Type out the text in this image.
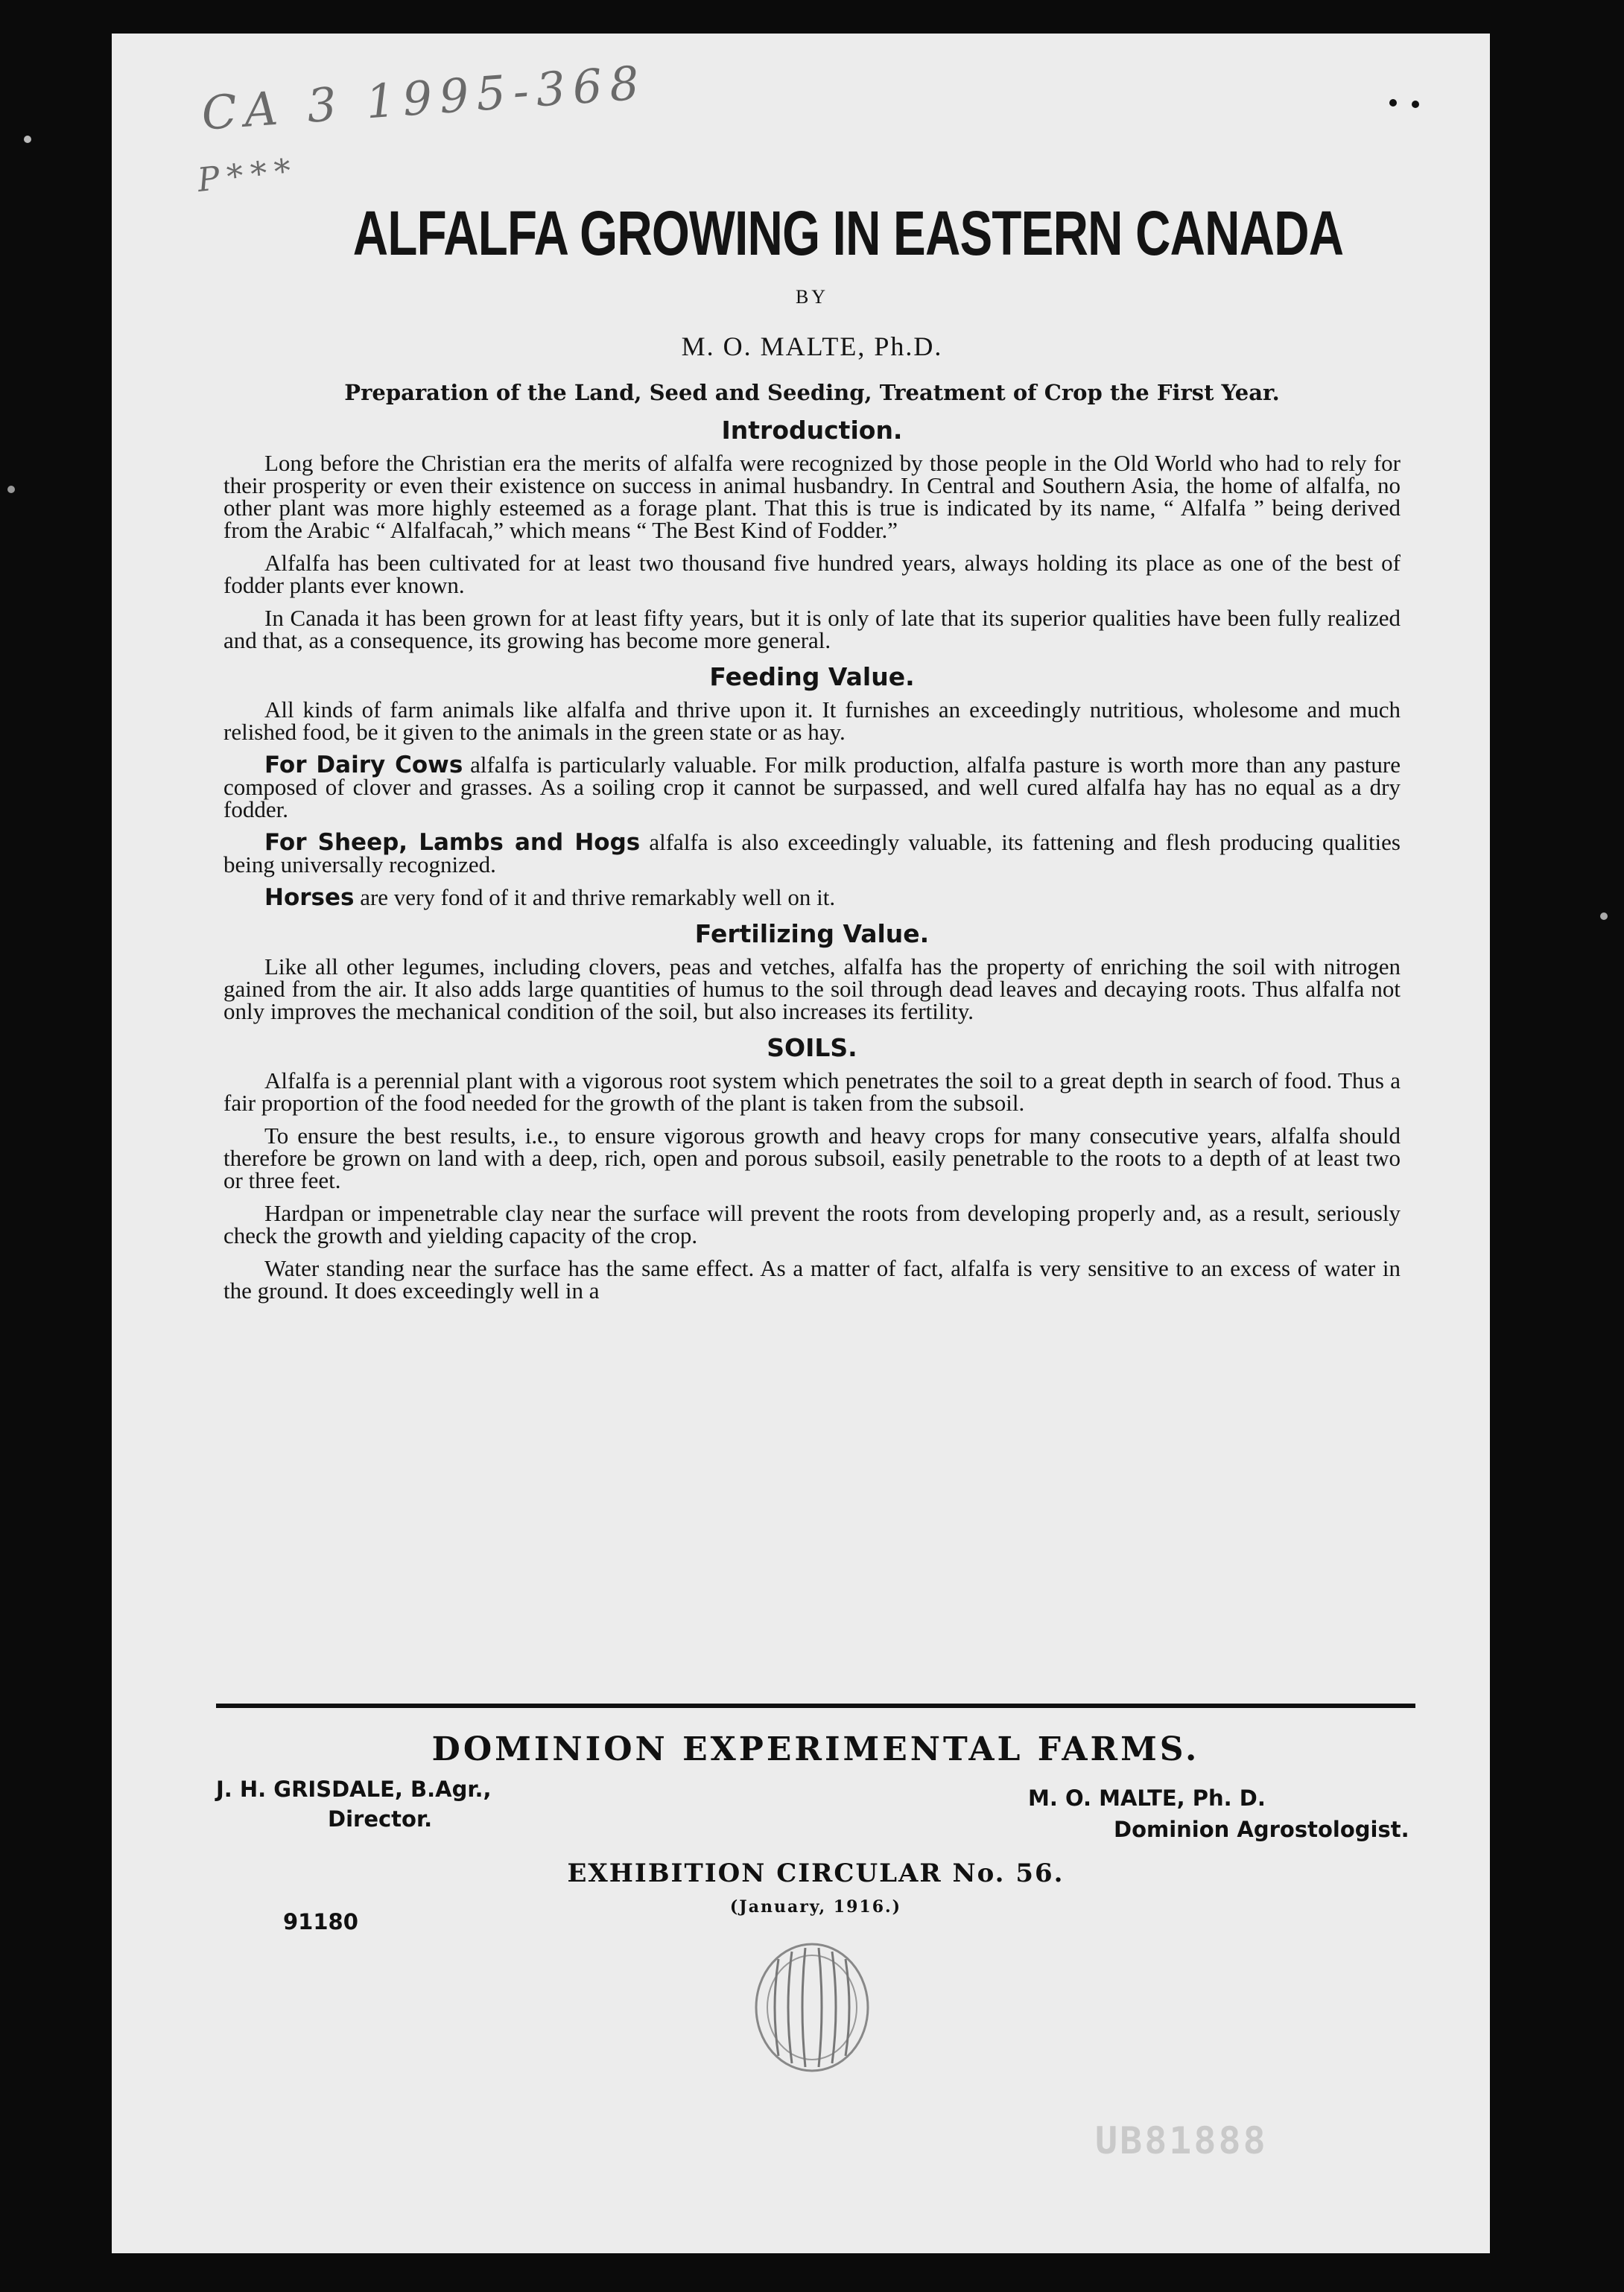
CA 3 1995-368
P***
ALFALFA GROWING IN EASTERN CANADA
BY
M. O. MALTE, Ph.D.
Preparation of the Land, Seed and Seeding, Treatment of Crop the First Year.
Introduction.

Long before the Christian era the merits of alfalfa were recognized by those people in the Old World who had to rely for their prosperity or even their existence on success in animal husbandry. In Central and Southern Asia, the home of alfalfa, no other plant was more highly esteemed as a forage plant. That this is true is indicated by its name, “ Alfalfa ” being derived from the Arabic “ Alfalfacah,” which means “ The Best Kind of Fodder.”

Alfalfa has been cultivated for at least two thousand five hundred years, always holding its place as one of the best of fodder plants ever known.

In Canada it has been grown for at least fifty years, but it is only of late that its superior qualities have been fully realized and that, as a consequence, its growing has become more general.

Feeding Value.

All kinds of farm animals like alfalfa and thrive upon it. It furnishes an exceedingly nutritious, wholesome and much relished food, be it given to the animals in the green state or as hay.

For Dairy Cows alfalfa is particularly valuable. For milk production, alfalfa pasture is worth more than any pasture composed of clover and grasses. As a soiling crop it cannot be surpassed, and well cured alfalfa hay has no equal as a dry fodder.

For Sheep, Lambs and Hogs alfalfa is also exceedingly valuable, its fattening and flesh producing qualities being universally recognized.

Horses are very fond of it and thrive remarkably well on it.

Fertilizing Value.

Like all other legumes, including clovers, peas and vetches, alfalfa has the property of enriching the soil with nitrogen gained from the air. It also adds large quantities of humus to the soil through dead leaves and decaying roots. Thus alfalfa not only improves the mechanical condition of the soil, but also increases its fertility.

SOILS.

Alfalfa is a perennial plant with a vigorous root system which penetrates the soil to a great depth in search of food. Thus a fair proportion of the food needed for the growth of the plant is taken from the subsoil.

To ensure the best results, i.e., to ensure vigorous growth and heavy crops for many consecutive years, alfalfa should therefore be grown on land with a deep, rich, open and porous subsoil, easily penetrable to the roots to a depth of at least two or three feet.

Hardpan or impenetrable clay near the surface will prevent the roots from developing properly and, as a result, seriously check the growth and yielding capacity of the crop.

Water standing near the surface has the same effect. As a matter of fact, alfalfa is very sensitive to an excess of water in the ground. It does exceedingly well in a

DOMINION EXPERIMENTAL FARMS.
J. H. GRISDALE, B.Agr.,
Director.
M. O. MALTE, Ph. D.
Dominion Agrostologist.
EXHIBITION CIRCULAR No. 56.
(January, 1916.)
91180
UB81888
